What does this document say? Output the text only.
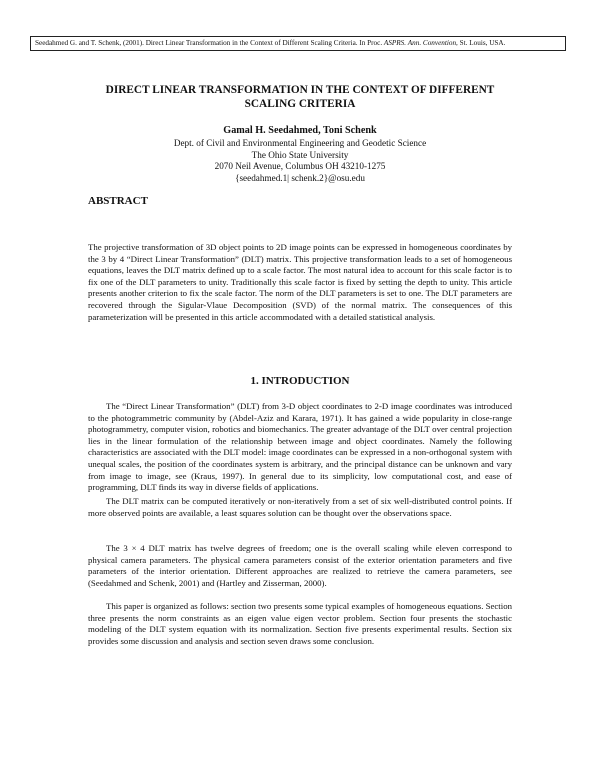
Seedahmed G. and T. Schenk, (2001). Direct Linear Transformation in the Context of Different Scaling Criteria. In Proc. ASPRS. Ann. Convention, St. Louis, USA.
DIRECT LINEAR TRANSFORMATION IN THE CONTEXT OF DIFFERENT
SCALING CRITERIA

Gamal H. Seedahmed, Toni Schenk

Dept. of Civil and Environmental Engineering and Geodetic Science
The Ohio State University
2070 Neil Avenue, Columbus OH 43210-1275
{seedahmed.1| schenk.2}@osu.edu
ABSTRACT

The projective transformation of 3D object points to 2D image points can be expressed in homogeneous coordinates by the 3 by 4 “Direct Linear Transformation” (DLT) matrix. This projective transformation leads to a set of homogeneous equations, leaves the DLT matrix defined up to a scale factor. The most natural idea to account for this scale factor is to fix one of the DLT parameters to unity. Traditionally this scale factor is fixed by setting the depth to unity. This article presents another criterion to fix the scale factor. The norm of the DLT parameters is set to one. The DLT parameters are recovered through the Sigular-Vlaue Decomposition (SVD) of the normal matrix. The consequences of this parameterization will be presented in this article accommodated with a detailed statistical analysis.

1. INTRODUCTION

The “Direct Linear Transformation” (DLT) from 3-D object coordinates to 2-D image coordinates was introduced to the photogrammetric community by (Abdel-Aziz and Karara, 1971). It has gained a wide popularity in close-range photogrammetry, computer vision, robotics and biomechanics. The greater advantage of the DLT over central projection lies in the linear formulation of the relationship between image and object coordinates. Namely the following characteristics are associated with the DLT model: image coordinates can be expressed in a non-orthogonal system with unequal scales, the position of the coordinates system is arbitrary, and the principal distance can be unknown and vary from image to image, see (Kraus, 1997). In general due to its simplicity, low computational cost, and ease of programming, DLT finds its way in diverse fields of applications.

The DLT matrix can be computed iteratively or non-iteratively from a set of six well-distributed control points. If more observed points are available, a least squares solution can be thought over the observations space.

The 3 × 4 DLT matrix has twelve degrees of freedom; one is the overall scaling while eleven correspond to physical camera parameters. The physical camera parameters consist of the exterior orientation parameters and five parameters of the interior orientation. Different approaches are realized to retrieve the camera parameters, see (Seedahmed and Schenk, 2001) and (Hartley and Zisserman, 2000).

This paper is organized as follows: section two presents some typical examples of homogeneous equations. Section three presents the norm constraints as an eigen value eigen vector problem. Section four presents the stochastic modeling of the DLT system equation with its normalization. Section five presents experimental results. Section six provides some discussion and analysis and section seven draws some conclusion.
